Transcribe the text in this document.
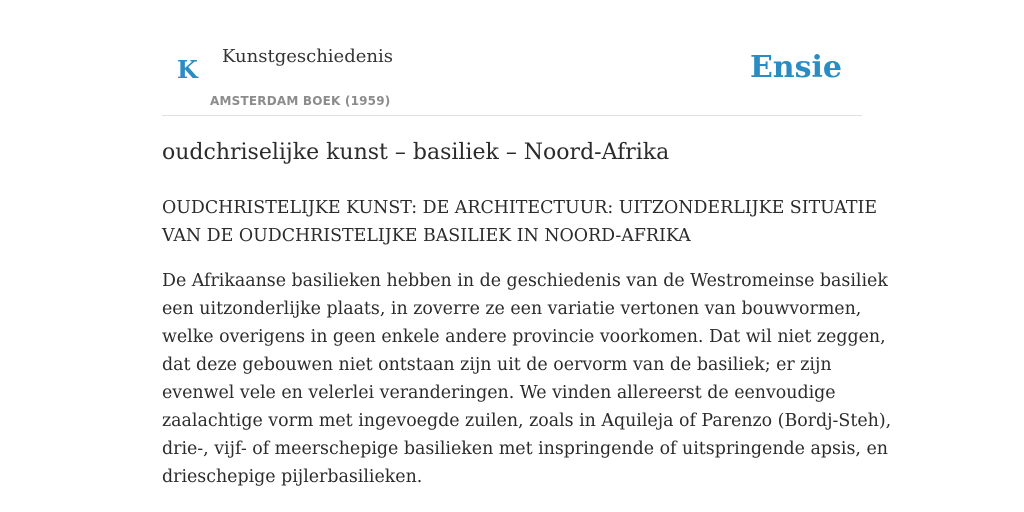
K Kunstgeschiedenis
AMSTERDAM BOEK (1959)
Ensie
oudchriselijke kunst – basiliek – Noord-Afrika
OUDCHRISTELIJKE KUNST: DE ARCHITECTUUR: UITZONDERLIJKE SITUATIE
VAN DE OUDCHRISTELIJKE BASILIEK IN NOORD-AFRIKA
De Afrikaanse basilieken hebben in de geschiedenis van de Westromeinse basiliek
een uitzonderlijke plaats, in zoverre ze een variatie vertonen van bouwvormen,
welke overigens in geen enkele andere provincie voorkomen. Dat wil niet zeggen,
dat deze gebouwen niet ontstaan zijn uit de oervorm van de basiliek; er zijn
evenwel vele en velerlei veranderingen. We vinden allereerst de eenvoudige
zaalachtige vorm met ingevoegde zuilen, zoals in Aquileja of Parenzo (Bordj-Steh),
drie-, vijf- of meerschepige basilieken met inspringende of uitspringende apsis, en
drieschepige pijlerbasilieken.
